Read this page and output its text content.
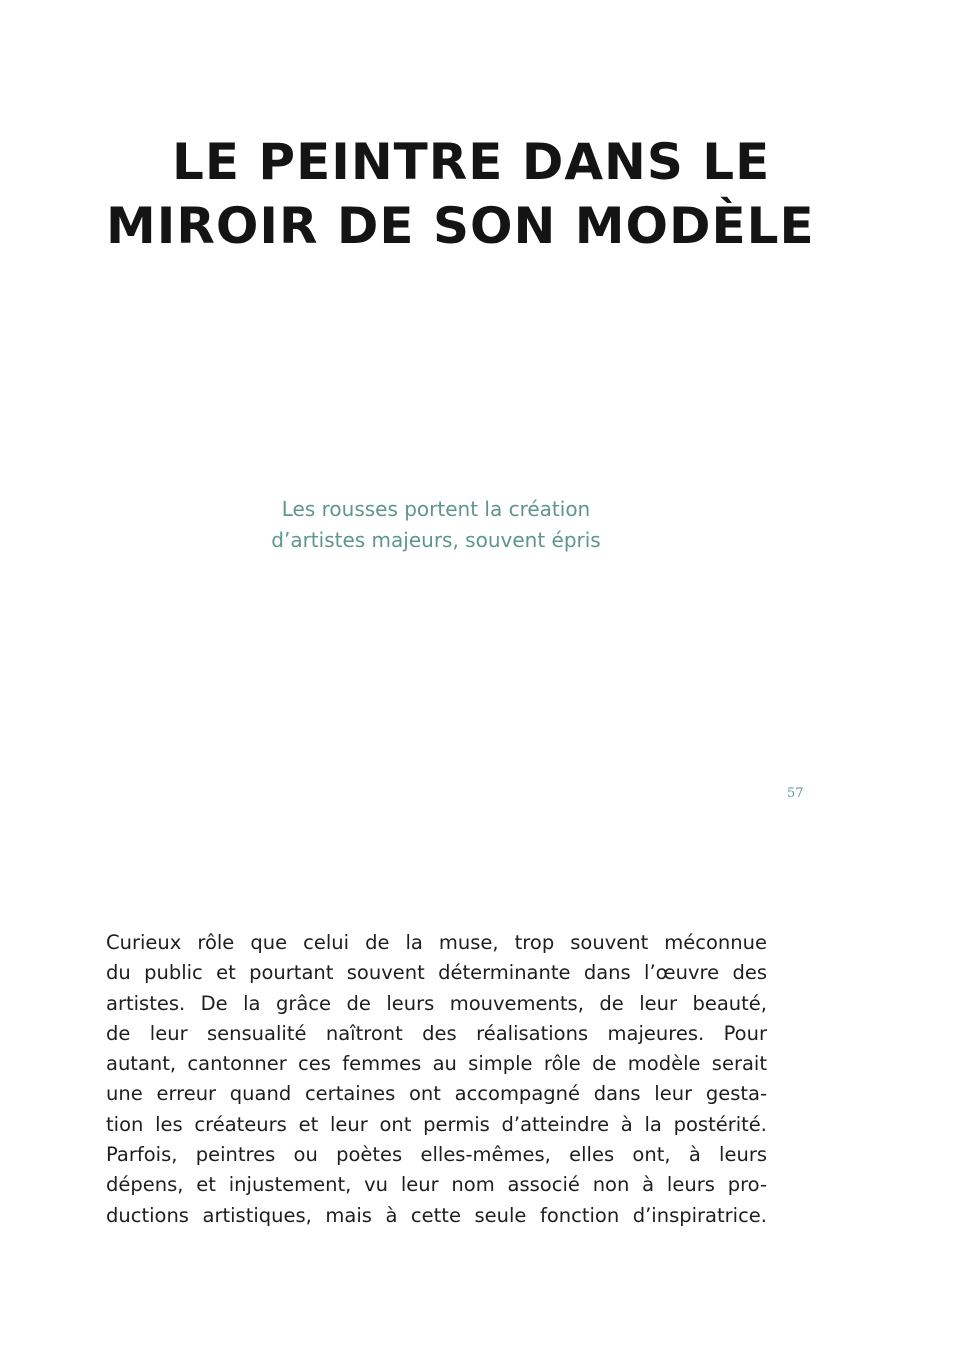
LE PEINTRE DANS LE
MIROIR DE SON MODÈLE
Les rousses portent la création
d’artistes majeurs, souvent épris
57
Curieux rôle que celui de la muse, trop souvent méconnue
du public et pourtant souvent déterminante dans l’œuvre des
artistes. De la grâce de leurs mouvements, de leur beauté,
de leur sensualité naîtront des réalisations majeures. Pour
autant, cantonner ces femmes au simple rôle de modèle serait
une erreur quand certaines ont accompagné dans leur gesta-
tion les créateurs et leur ont permis d’atteindre à la postérité.
Parfois, peintres ou poètes elles-mêmes, elles ont, à leurs
dépens, et injustement, vu leur nom associé non à leurs pro-
ductions artistiques, mais à cette seule fonction d’inspiratrice.
